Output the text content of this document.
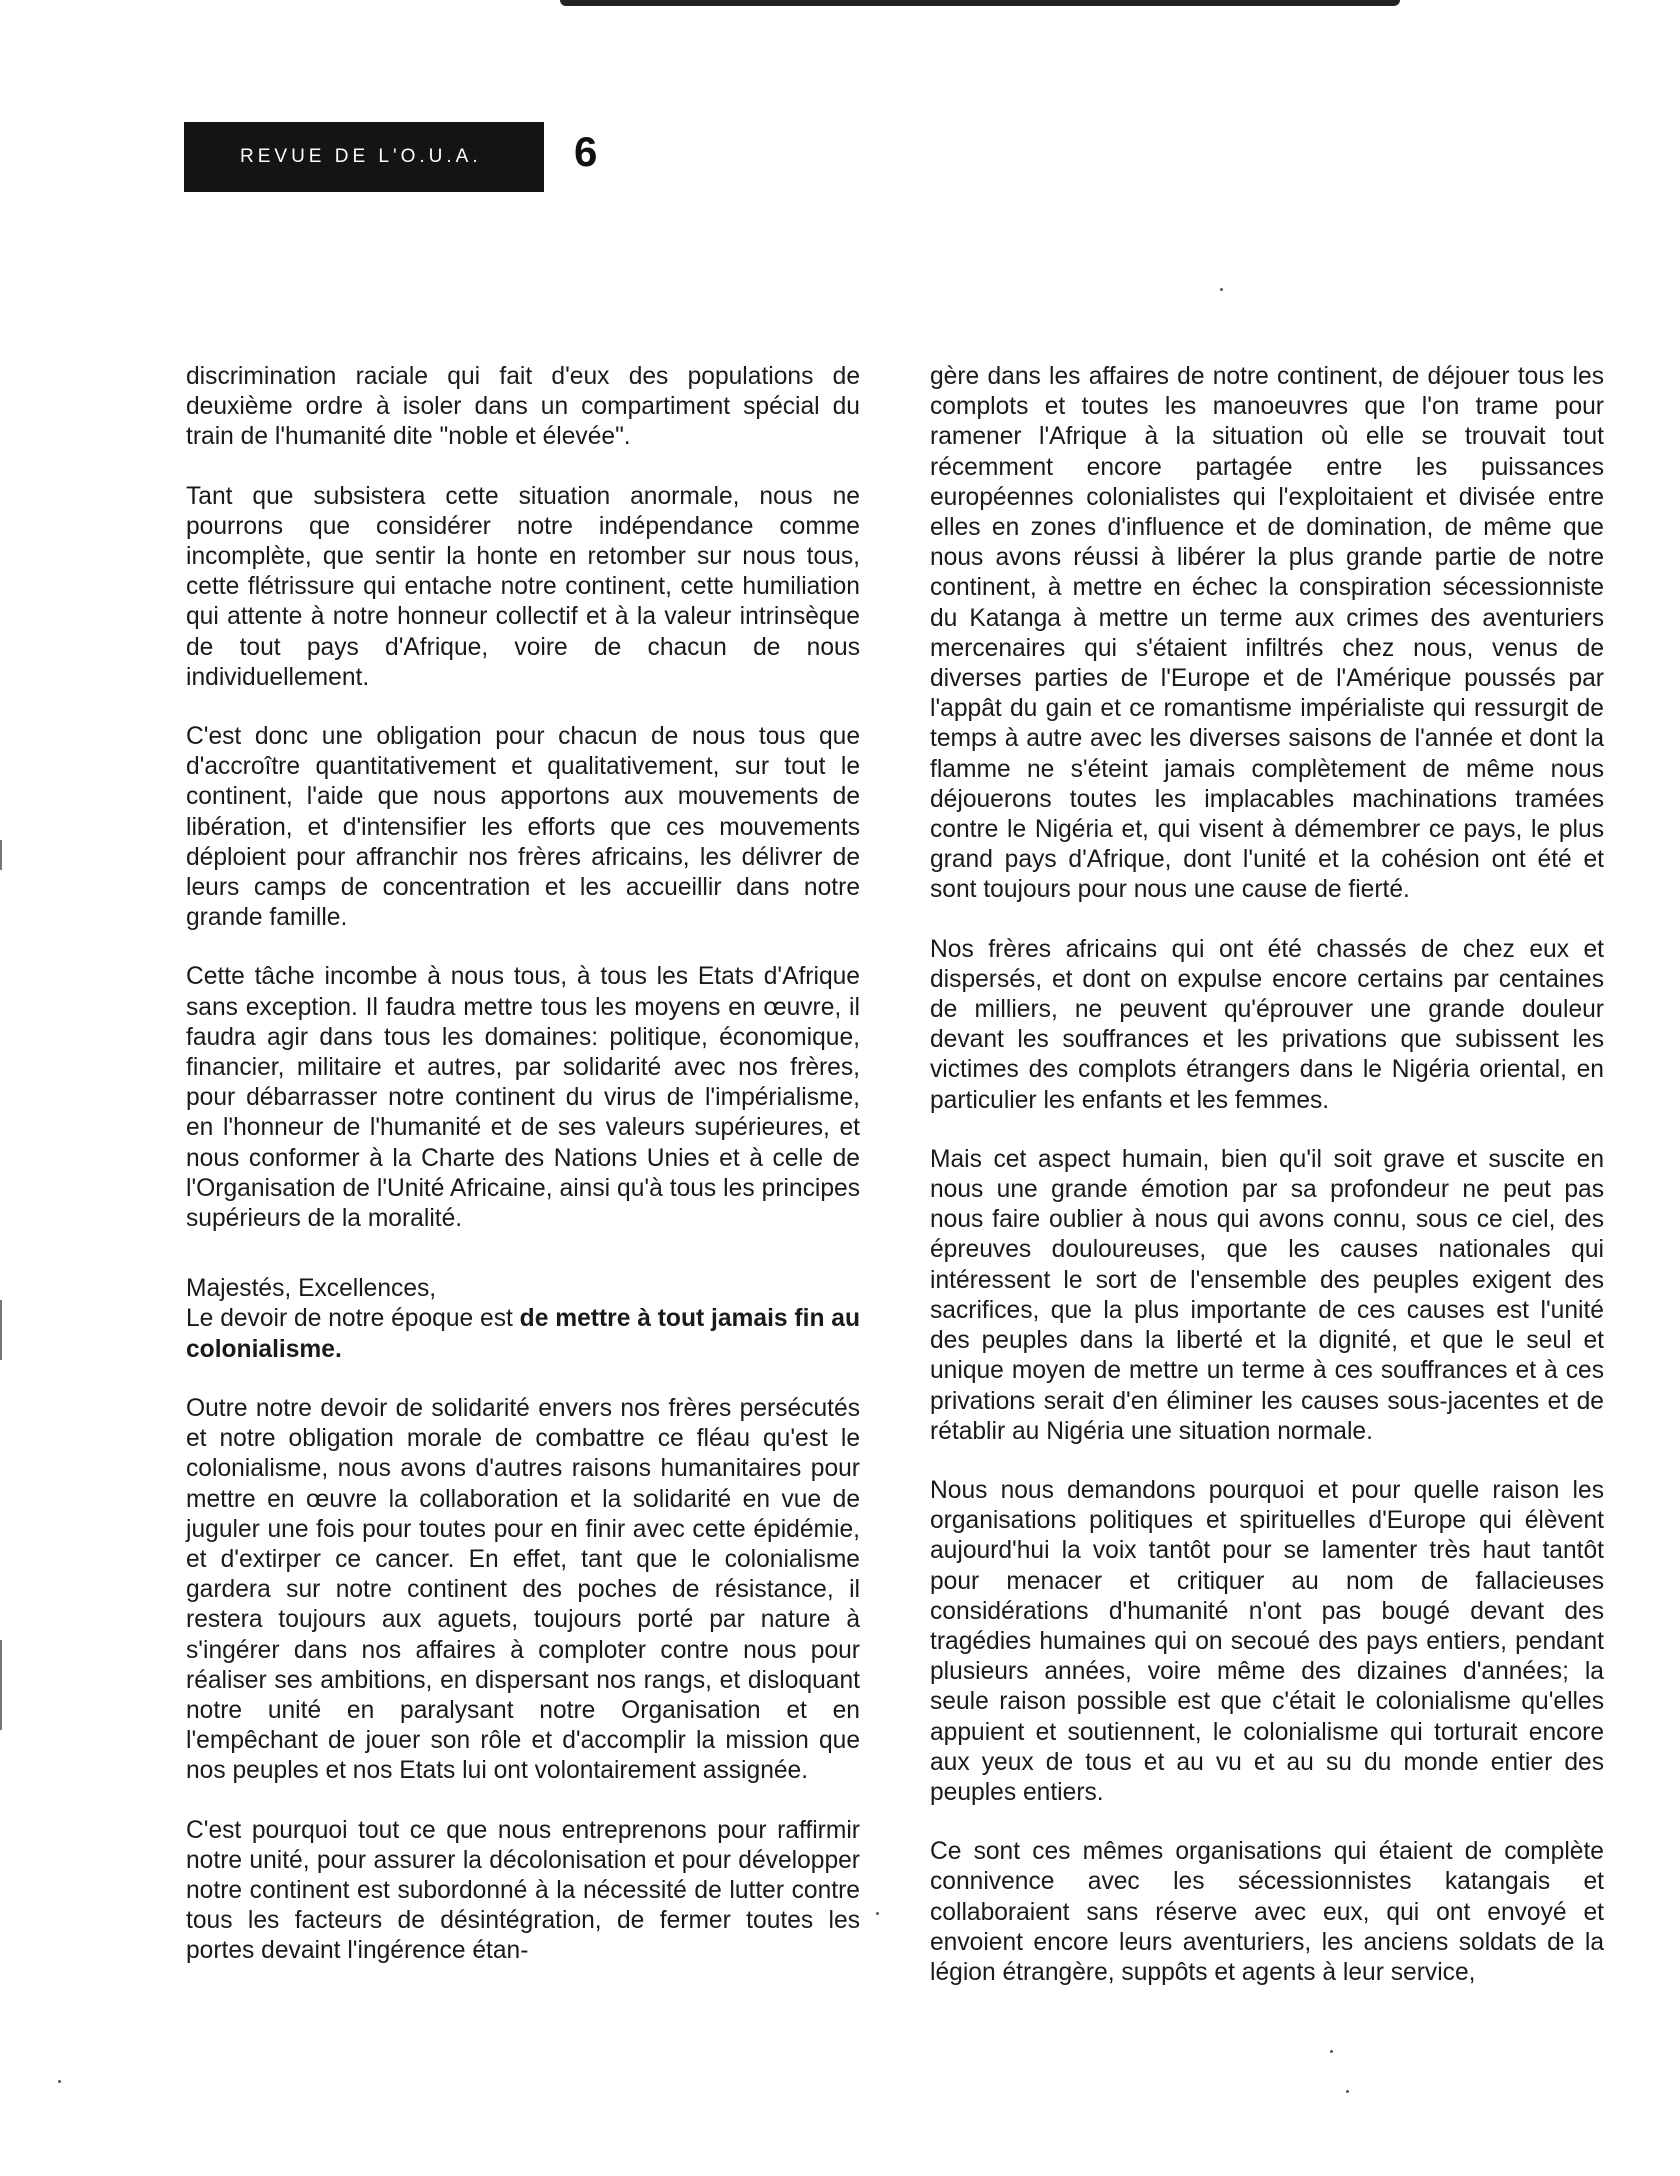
REVUE DE L'O.U.A. 6

discrimination raciale qui fait d'eux des populations de deuxième ordre à isoler dans un compartiment spécial du train de l'humanité dite "noble et élevée".

Tant que subsistera cette situation anormale, nous ne pourrons que considérer notre indépendance comme incomplète, que sentir la honte en retomber sur nous tous, cette flétrissure qui entache notre continent, cette humiliation qui attente à notre honneur collectif et à la valeur intrinsèque de tout pays d'Afrique, voire de chacun de nous individuellement.

C'est donc une obligation pour chacun de nous tous que d'accroître quantitativement et qualitativement, sur tout le continent, l'aide que nous apportons aux mouvements de libération, et d'intensifier les efforts que ces mouvements déploient pour affranchir nos frères africains, les délivrer de leurs camps de concentration et les accueillir dans notre grande famille.

Cette tâche incombe à nous tous, à tous les Etats d'Afrique sans exception. Il faudra mettre tous les moyens en œuvre, il faudra agir dans tous les domaines: politique, économique, financier, militaire et autres, par solidarité avec nos frères, pour débarrasser notre continent du virus de l'impérialisme, en l'honneur de l'humanité et de ses valeurs supérieures, et nous conformer à la Charte des Nations Unies et à celle de l'Organisation de l'Unité Africaine, ainsi qu'à tous les principes supérieurs de la moralité.

Majestés, Excellences,

Le devoir de notre époque est de mettre à tout jamais fin au colonialisme.

Outre notre devoir de solidarité envers nos frères persécutés et notre obligation morale de combattre ce fléau qu'est le colonialisme, nous avons d'autres raisons humanitaires pour mettre en œuvre la collaboration et la solidarité en vue de juguler une fois pour toutes pour en finir avec cette épidémie, et d'extirper ce cancer. En effet, tant que le colonialisme gardera sur notre continent des poches de résistance, il restera toujours aux aguets, toujours porté par nature à s'ingérer dans nos affaires à comploter contre nous pour réaliser ses ambitions, en dispersant nos rangs, et disloquant notre unité en paralysant notre Organisation et en l'empêchant de jouer son rôle et d'accomplir la mission que nos peuples et nos Etats lui ont volontairement assignée.

C'est pourquoi tout ce que nous entreprenons pour raffirmir notre unité, pour assurer la décolonisation et pour développer notre continent est subordonné à la nécessité de lutter contre tous les facteurs de désintégration, de fermer toutes les portes devaint l'ingérence étan-

gère dans les affaires de notre continent, de déjouer tous les complots et toutes les manoeuvres que l'on trame pour ramener l'Afrique à la situation où elle se trouvait tout récemment encore partagée entre les puissances européennes colonialistes qui l'exploitaient et divisée entre elles en zones d'influence et de domination, de même que nous avons réussi à libérer la plus grande partie de notre continent, à mettre en échec la conspiration sécessionniste du Katanga à mettre un terme aux crimes des aventuriers mercenaires qui s'étaient infiltrés chez nous, venus de diverses parties de l'Europe et de l'Amérique poussés par l'appât du gain et ce romantisme impérialiste qui ressurgit de temps à autre avec les diverses saisons de l'année et dont la flamme ne s'éteint jamais complètement de même nous déjouerons toutes les implacables machinations tramées contre le Nigéria et, qui visent à démembrer ce pays, le plus grand pays d'Afrique, dont l'unité et la cohésion ont été et sont toujours pour nous une cause de fierté.

Nos frères africains qui ont été chassés de chez eux et dispersés, et dont on expulse encore certains par centaines de milliers, ne peuvent qu'éprouver une grande douleur devant les souffrances et les privations que subissent les victimes des complots étrangers dans le Nigéria oriental, en particulier les enfants et les femmes.

Mais cet aspect humain, bien qu'il soit grave et suscite en nous une grande émotion par sa profondeur ne peut pas nous faire oublier à nous qui avons connu, sous ce ciel, des épreuves douloureuses, que les causes nationales qui intéressent le sort de l'ensemble des peuples exigent des sacrifices, que la plus importante de ces causes est l'unité des peuples dans la liberté et la dignité, et que le seul et unique moyen de mettre un terme à ces souffrances et à ces privations serait d'en éliminer les causes sous-jacentes et de rétablir au Nigéria une situation normale.

Nous nous demandons pourquoi et pour quelle raison les organisations politiques et spirituelles d'Europe qui élèvent aujourd'hui la voix tantôt pour se lamenter très haut tantôt pour menacer et critiquer au nom de fallacieuses considérations d'humanité n'ont pas bougé devant des tragédies humaines qui on secoué des pays entiers, pendant plusieurs années, voire même des dizaines d'années; la seule raison possible est que c'était le colonialisme qu'elles appuient et soutiennent, le colonialisme qui torturait encore aux yeux de tous et au vu et au su du monde entier des peuples entiers.

Ce sont ces mêmes organisations qui étaient de complète connivence avec les sécessionnistes katangais et collaboraient sans réserve avec eux, qui ont envoyé et envoient encore leurs aventuriers, les anciens soldats de la légion étrangère, suppôts et agents à leur service,
